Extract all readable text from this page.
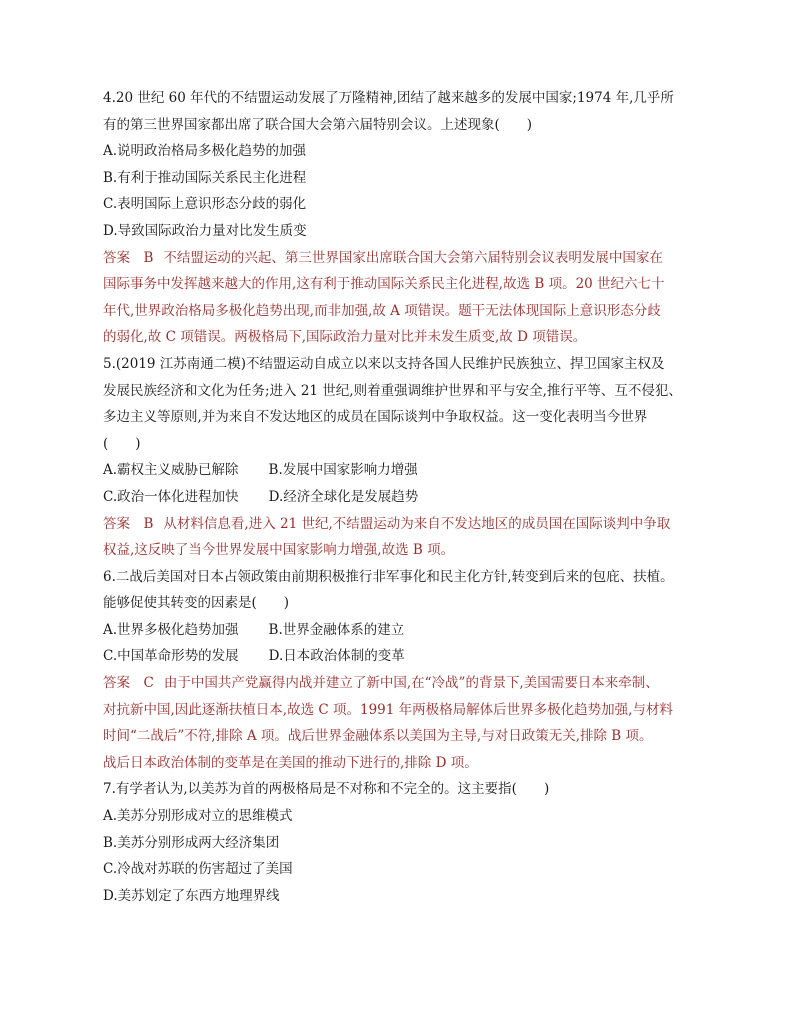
4.20 世纪 60 年代的不结盟运动发展了万隆精神,团结了越来越多的发展中国家;1974 年,几乎所
有的第三世界国家都出席了联合国大会第六届特别会议。上述现象(　　)
A.说明政治格局多极化趋势的加强
B.有利于推动国际关系民主化进程
C.表明国际上意识形态分歧的弱化
D.导致国际政治力量对比发生质变
答案　B 不结盟运动的兴起、第三世界国家出席联合国大会第六届特别会议表明发展中国家在
国际事务中发挥越来越大的作用,这有利于推动国际关系民主化进程,故选 B 项。20 世纪六七十
年代,世界政治格局多极化趋势出现,而非加强,故 A 项错误。题干无法体现国际上意识形态分歧
的弱化,故 C 项错误。两极格局下,国际政治力量对比并未发生质变,故 D 项错误。
5.(2019 江苏南通二模)不结盟运动自成立以来以支持各国人民维护民族独立、捍卫国家主权及
发展民族经济和文化为任务;进入 21 世纪,则着重强调维护世界和平与安全,推行平等、互不侵犯、
多边主义等原则,并为来自不发达地区的成员在国际谈判中争取权益。这一变化表明当今世界
(　　)
A.霸权主义威胁已解除 B.发展中国家影响力增强
C.政治一体化进程加快 D.经济全球化是发展趋势
答案　B 从材料信息看,进入 21 世纪,不结盟运动为来自不发达地区的成员国在国际谈判中争取
权益,这反映了当今世界发展中国家影响力增强,故选 B 项。
6.二战后美国对日本占领政策由前期积极推行非军事化和民主化方针,转变到后来的包庇、扶植。
能够促使其转变的因素是(　　)
A.世界多极化趋势加强 B.世界金融体系的建立
C.中国革命形势的发展 D.日本政治体制的变革
答案　C 由于中国共产党赢得内战并建立了新中国,在“冷战”的背景下,美国需要日本来牵制、
对抗新中国,因此逐渐扶植日本,故选 C 项。1991 年两极格局解体后世界多极化趋势加强,与材料
时间“二战后”不符,排除 A 项。战后世界金融体系以美国为主导,与对日政策无关,排除 B 项。
战后日本政治体制的变革是在美国的推动下进行的,排除 D 项。
7.有学者认为,以美苏为首的两极格局是不对称和不完全的。这主要指(　　)
A.美苏分别形成对立的思维模式
B.美苏分别形成两大经济集团
C.冷战对苏联的伤害超过了美国
D.美苏划定了东西方地理界线
